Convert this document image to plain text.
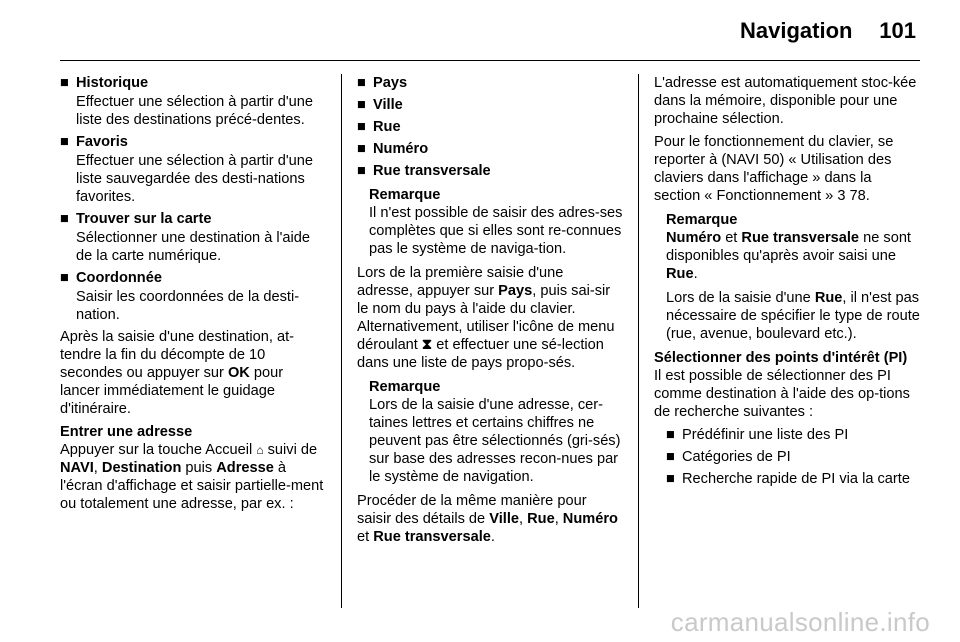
Navigation 101
■ Historique
Effectuer une sélection à partir d'une liste des destinations précé-dentes.
■ Favoris
Effectuer une sélection à partir d'une liste sauvegardée des desti-nations favorites.
■ Trouver sur la carte
Sélectionner une destination à l'aide de la carte numérique.
■ Coordonnée
Saisir les coordonnées de la desti-nation.

Après la saisie d'une destination, at-tendre la fin du décompte de 10 secondes ou appuyer sur OK pour lancer immédiatement le guidage d'itinéraire.

Entrer une adresse

Appuyer sur la touche Accueil ⌂ suivi de NAVI, Destination puis Adresse à l'écran d'affichage et saisir partielle-ment ou totalement une adresse, par ex. :

■ Pays
■ Ville
■ Rue
■ Numéro
■ Rue transversale
Remarque
Il n'est possible de saisir des adres-ses complètes que si elles sont re-connues pas le système de naviga-tion.

Lors de la première saisie d'une adresse, appuyer sur Pays, puis sai-sir le nom du pays à l'aide du clavier. Alternativement, utiliser l'icône de menu déroulant ⧗ et effectuer une sé-lection dans une liste de pays propo-sés.

Remarque
Lors de la saisie d'une adresse, cer-taines lettres et certains chiffres ne peuvent pas être sélectionnés (gri-sés) sur base des adresses recon-nues par le système de navigation.

Procéder de la même manière pour saisir des détails de Ville, Rue, Numéro et Rue transversale.

L'adresse est automatiquement stoc-kée dans la mémoire, disponible pour une prochaine sélection.

Pour le fonctionnement du clavier, se reporter à (NAVI 50) « Utilisation des claviers dans l'affichage » dans la section « Fonctionnement » 3 78.

Remarque
Numéro et Rue transversale ne sont disponibles qu'après avoir saisi une Rue.

Lors de la saisie d'une Rue, il n'est pas nécessaire de spécifier le type de route (rue, avenue, boulevard etc.).

Sélectionner des points d'intérêt (PI)

Il est possible de sélectionner des PI comme destination à l'aide des op-tions de recherche suivantes :

■ Prédéfinir une liste des PI
■ Catégories de PI
■ Recherche rapide de PI via la carte
carmanualsonline.info
